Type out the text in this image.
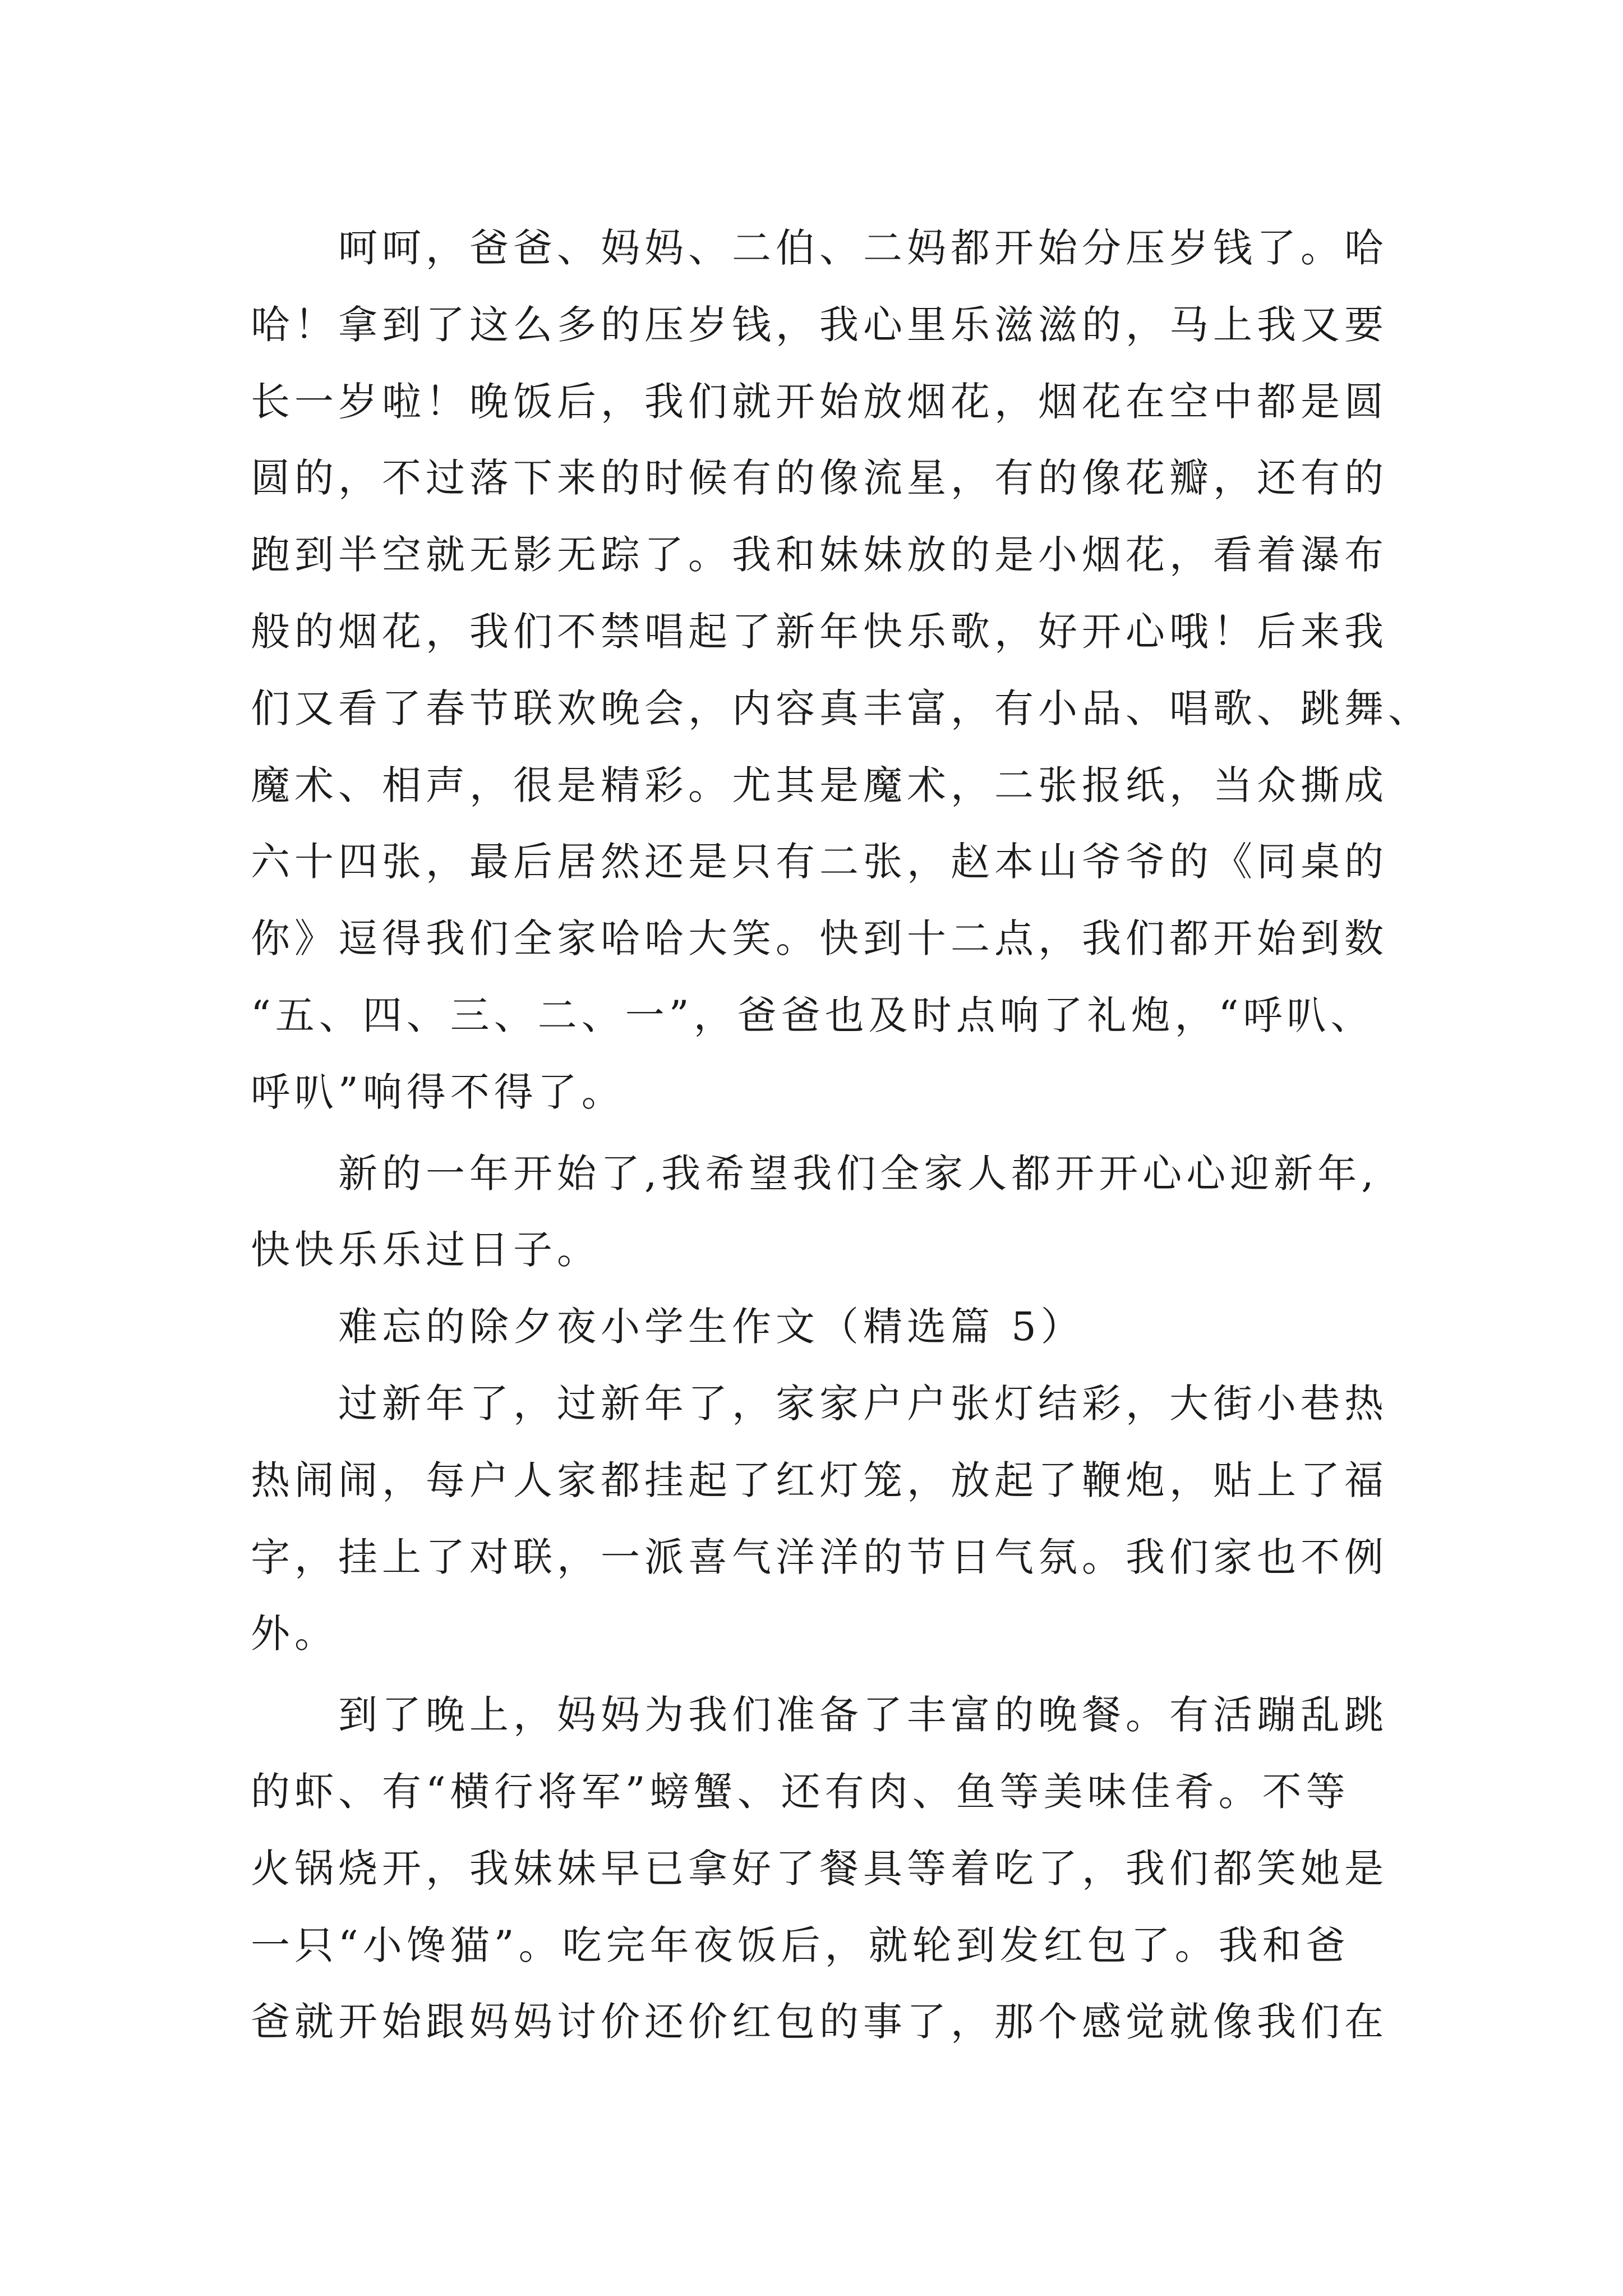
呵呵，爸爸、妈妈、二伯、二妈都开始分压岁钱了。哈
哈！拿到了这么多的压岁钱，我心里乐滋滋的，马上我又要
长一岁啦！晚饭后，我们就开始放烟花，烟花在空中都是圆
圆的，不过落下来的时候有的像流星，有的像花瓣，还有的
跑到半空就无影无踪了。我和妹妹放的是小烟花，看着瀑布
般的烟花，我们不禁唱起了新年快乐歌，好开心哦！后来我
们又看了春节联欢晚会，内容真丰富，有小品、唱歌、跳舞、
魔术、相声，很是精彩。尤其是魔术，二张报纸，当众撕成
六十四张，最后居然还是只有二张，赵本山爷爷的《同桌的
你》逗得我们全家哈哈大笑。快到十二点，我们都开始到数
“五、四、三、二、一”，爸爸也及时点响了礼炮，“呼叭、
呼叭”响得不得了。
新的一年开始了,我希望我们全家人都开开心心迎新年,
快快乐乐过日子。
难忘的除夕夜小学生作文（精选篇 5）
过新年了，过新年了，家家户户张灯结彩，大街小巷热
热闹闹，每户人家都挂起了红灯笼，放起了鞭炮，贴上了福
字，挂上了对联，一派喜气洋洋的节日气氛。我们家也不例
外。
到了晚上，妈妈为我们准备了丰富的晚餐。有活蹦乱跳
的虾、有“横行将军”螃蟹、还有肉、鱼等美味佳肴。不等
火锅烧开，我妹妹早已拿好了餐具等着吃了，我们都笑她是
一只“小馋猫”。吃完年夜饭后，就轮到发红包了。我和爸
爸就开始跟妈妈讨价还价红包的事了，那个感觉就像我们在
